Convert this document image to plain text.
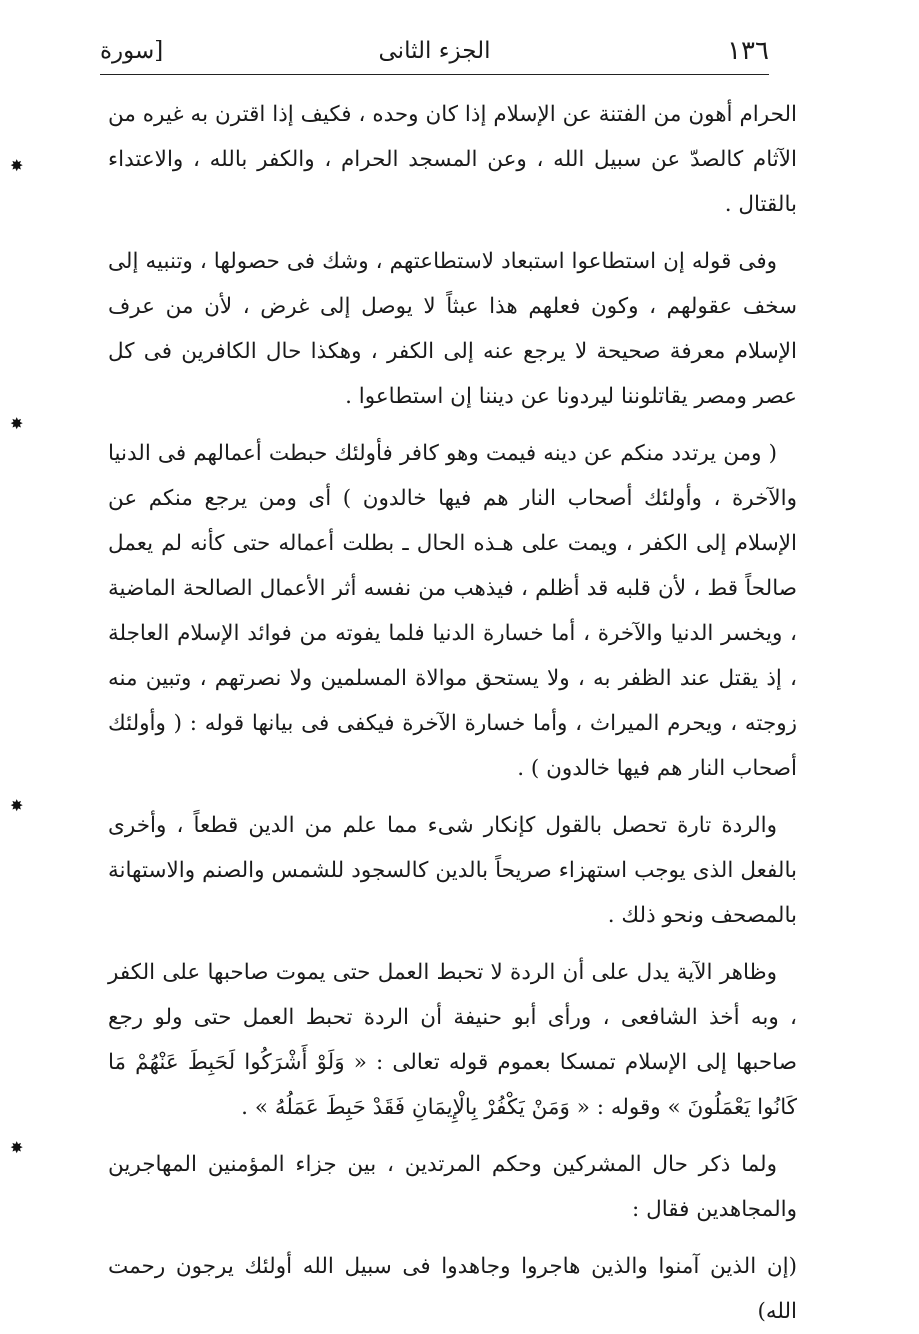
١٣٦
الجزء الثانى
[سورة

الحرام أهون من الفتنة عن الإسلام إذا كان وحده ، فكيف إذا اقترن به غيره من الآثام كالصدّ عن سبيل الله ، وعن المسجد الحرام ، والكفر بالله ، والاعتداء بالقتال .

وفى قوله إن استطاعوا استبعاد لاستطاعتهم ، وشك فى حصولها ، وتنبيه إلى سخف عقولهم ، وكون فعلهم هذا عبثاً لا يوصل إلى غرض ، لأن من عرف الإسلام معرفة صحيحة لا يرجع عنه إلى الكفر ، وهكذا حال الكافرين فى كل عصر ومصر يقاتلوننا ليردونا عن ديننا إن استطاعوا .

( ومن يرتدد منكم عن دينه فيمت وهو كافر فأولئك حبطت أعمالهم فى الدنيا والآخرة ، وأولئك أصحاب النار هم فيها خالدون ) أى ومن يرجع منكم عن الإسلام إلى الكفر ، ويمت على هـذه الحال ـ بطلت أعماله حتى كأنه لم يعمل صالحاً قط ، لأن قلبه قد أظلم ، فيذهب من نفسه أثر الأعمال الصالحة الماضية ، ويخسر الدنيا والآخرة ، أما خسارة الدنيا فلما يفوته من فوائد الإسلام العاجلة ، إذ يقتل عند الظفر به ، ولا يستحق موالاة المسلمين ولا نصرتهم ، وتبين منه زوجته ، ويحرم الميراث ، وأما خسارة الآخرة فيكفى فى بيانها قوله : ( وأولئك أصحاب النار هم فيها خالدون ) .

والردة تارة تحصل بالقول كإنكار شىء مما علم من الدين قطعاً ، وأخرى بالفعل الذى يوجب استهزاء صريحاً بالدين كالسجود للشمس والصنم والاستهانة بالمصحف ونحو ذلك .

وظاهر الآية يدل على أن الردة لا تحبط العمل حتى يموت صاحبها على الكفر ، وبه أخذ الشافعى ، ورأى أبو حنيفة أن الردة تحبط العمل حتى ولو رجع صاحبها إلى الإسلام تمسكا بعموم قوله تعالى : « وَلَوْ أَشْرَكُوا لَحَبِطَ عَنْهُمْ مَا كَانُوا يَعْمَلُونَ » وقوله : « وَمَنْ يَكْفُرْ بِالْإِيمَانِ فَقَدْ حَبِطَ عَمَلُهُ » .

ولما ذكر حال المشركين وحكم المرتدين ، بين جزاء المؤمنين المهاجرين والمجاهدين فقال :

(إن الذين آمنوا والذين هاجروا وجاهدوا فى سبيل الله أولئك يرجون رحمت الله)

✸
✸
✸
✸
